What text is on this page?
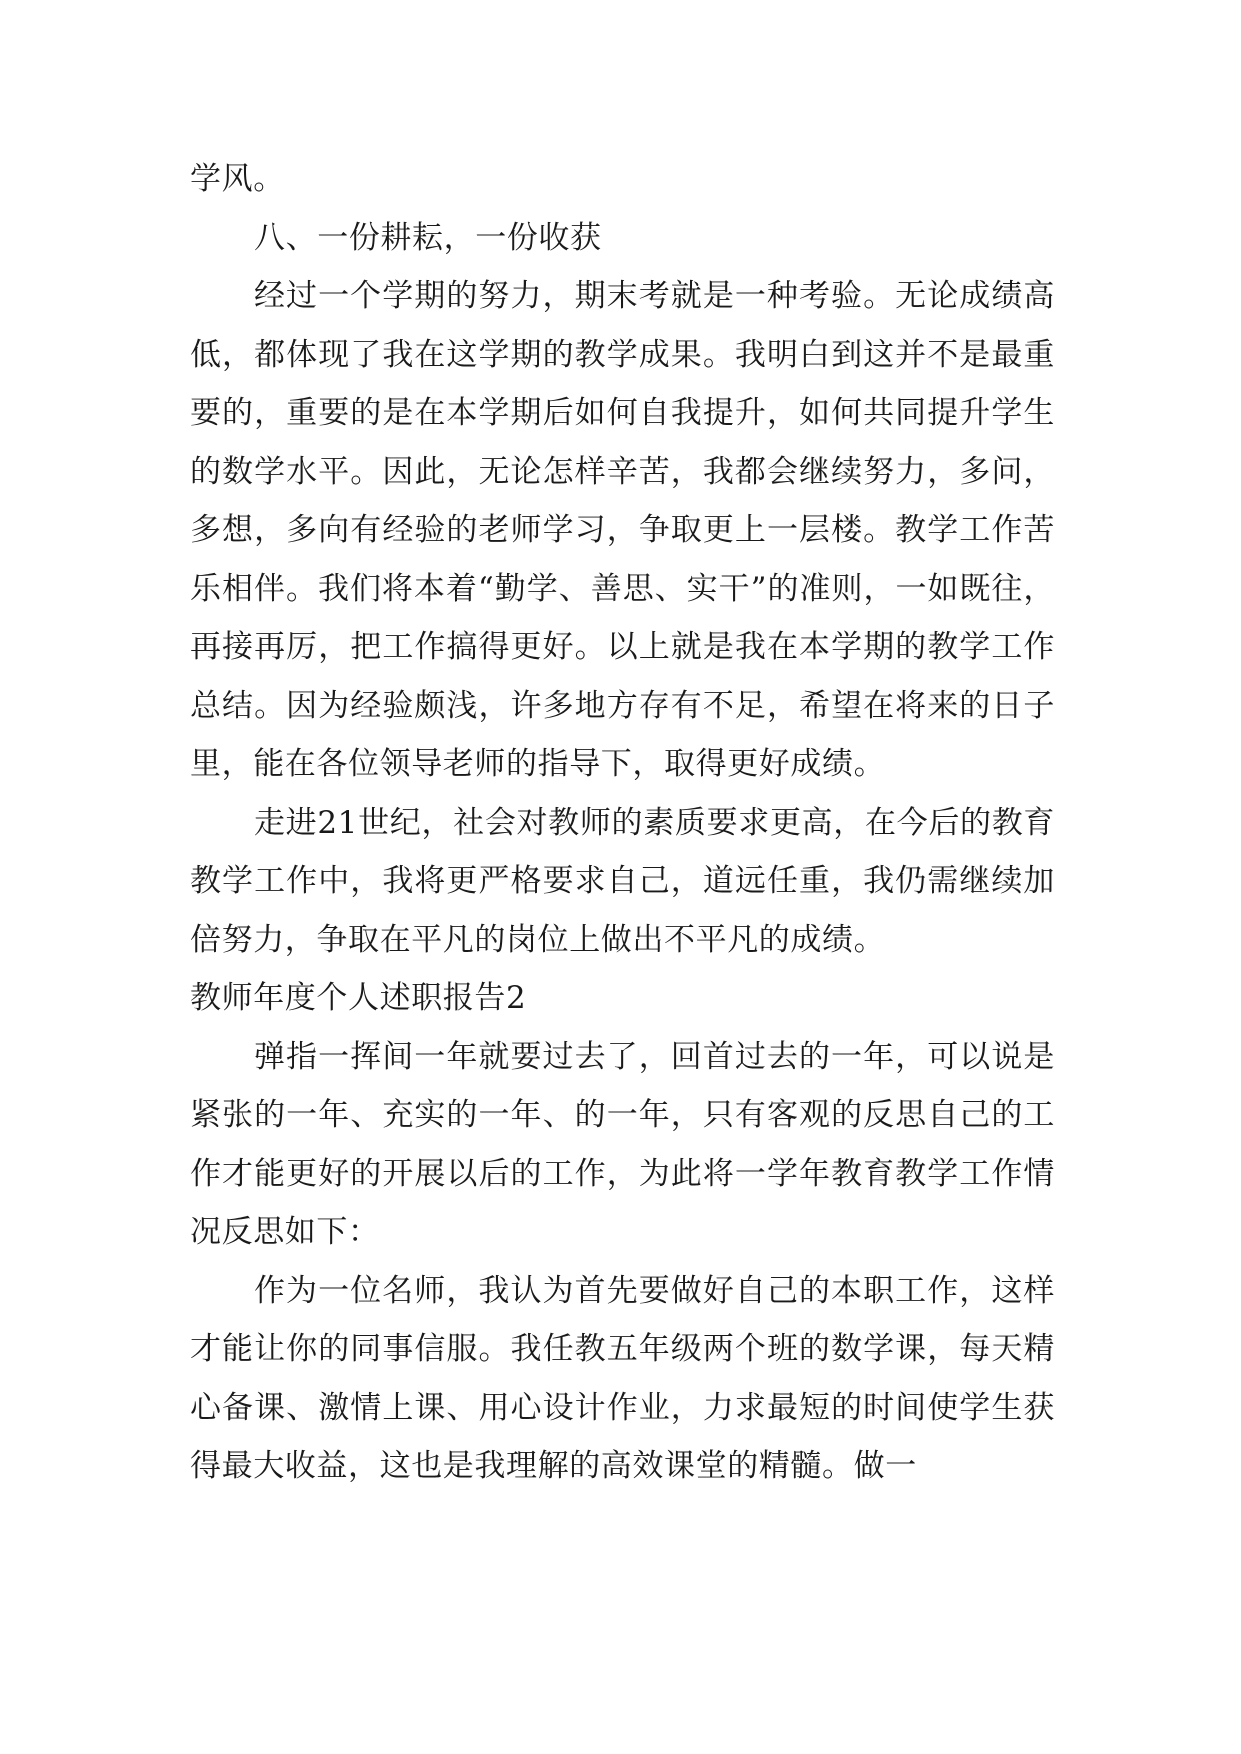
学风。

八、一份耕耘，一份收获

经过一个学期的努力，期末考就是一种考验。无论成绩高低，都体现了我在这学期的教学成果。我明白到这并不是最重要的，重要的是在本学期后如何自我提升，如何共同提升学生的数学水平。因此，无论怎样辛苦，我都会继续努力，多问，多想，多向有经验的老师学习，争取更上一层楼。教学工作苦乐相伴。我们将本着“勤学、善思、实干”的准则，一如既往，再接再厉，把工作搞得更好。以上就是我在本学期的教学工作总结。因为经验颇浅，许多地方存有不足，希望在将来的日子里，能在各位领导老师的指导下，取得更好成绩。

走进21世纪，社会对教师的素质要求更高，在今后的教育教学工作中，我将更严格要求自己，道远任重，我仍需继续加倍努力，争取在平凡的岗位上做出不平凡的成绩。

教师年度个人述职报告2

弹指一挥间一年就要过去了，回首过去的一年，可以说是紧张的一年、充实的一年、的一年，只有客观的反思自己的工作才能更好的开展以后的工作，为此将一学年教育教学工作情况反思如下：

作为一位名师，我认为首先要做好自己的本职工作，这样才能让你的同事信服。我任教五年级两个班的数学课，每天精心备课、激情上课、用心设计作业，力求最短的时间使学生获得最大收益，这也是我理解的高效课堂的精髓。做一
